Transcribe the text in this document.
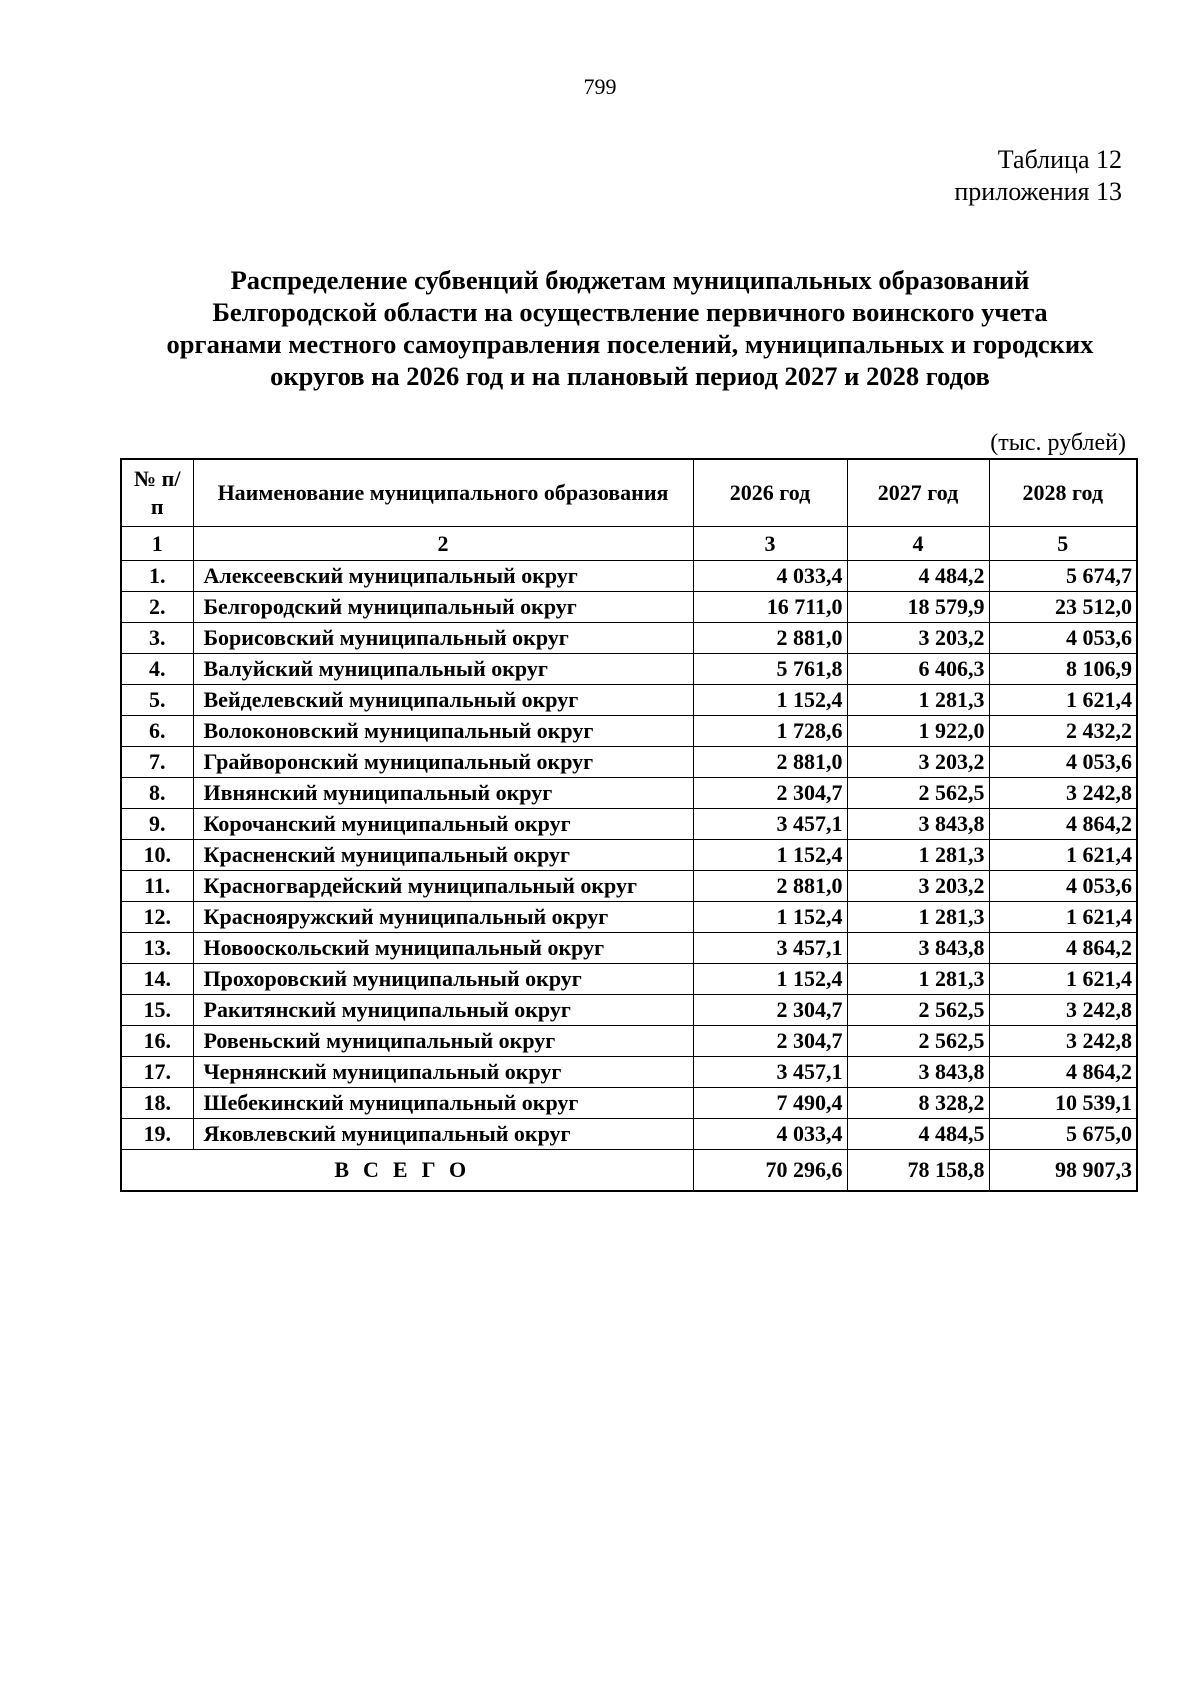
799
Таблица 12
приложения 13
Распределение субвенций бюджетам муниципальных образований
Белгородской области на осуществление первичного воинского учета
органами местного самоуправления поселений, муниципальных и городских
округов на 2026 год и на плановый период 2027 и 2028 годов
(тыс. рублей)
№ п/п	Наименование муниципального образования	2026 год	2027 год	2028 год
1	2	3	4	5
1.	Алексеевский муниципальный округ	4 033,4	4 484,2	5 674,7
2.	Белгородский муниципальный округ	16 711,0	18 579,9	23 512,0
3.	Борисовский муниципальный округ	2 881,0	3 203,2	4 053,6
4.	Валуйский муниципальный округ	5 761,8	6 406,3	8 106,9
5.	Вейделевский муниципальный округ	1 152,4	1 281,3	1 621,4
6.	Волоконовский муниципальный округ	1 728,6	1 922,0	2 432,2
7.	Грайворонский муниципальный округ	2 881,0	3 203,2	4 053,6
8.	Ивнянский муниципальный округ	2 304,7	2 562,5	3 242,8
9.	Корочанский муниципальный округ	3 457,1	3 843,8	4 864,2
10.	Красненский муниципальный округ	1 152,4	1 281,3	1 621,4
11.	Красногвардейский муниципальный округ	2 881,0	3 203,2	4 053,6
12.	Краснояружский муниципальный округ	1 152,4	1 281,3	1 621,4
13.	Новооскольский муниципальный округ	3 457,1	3 843,8	4 864,2
14.	Прохоровский муниципальный округ	1 152,4	1 281,3	1 621,4
15.	Ракитянский муниципальный округ	2 304,7	2 562,5	3 242,8
16.	Ровеньский муниципальный округ	2 304,7	2 562,5	3 242,8
17.	Чернянский муниципальный округ	3 457,1	3 843,8	4 864,2
18.	Шебекинский муниципальный округ	7 490,4	8 328,2	10 539,1
19.	Яковлевский муниципальный округ	4 033,4	4 484,5	5 675,0
ВСЕГО		70 296,6	78 158,8	98 907,3
